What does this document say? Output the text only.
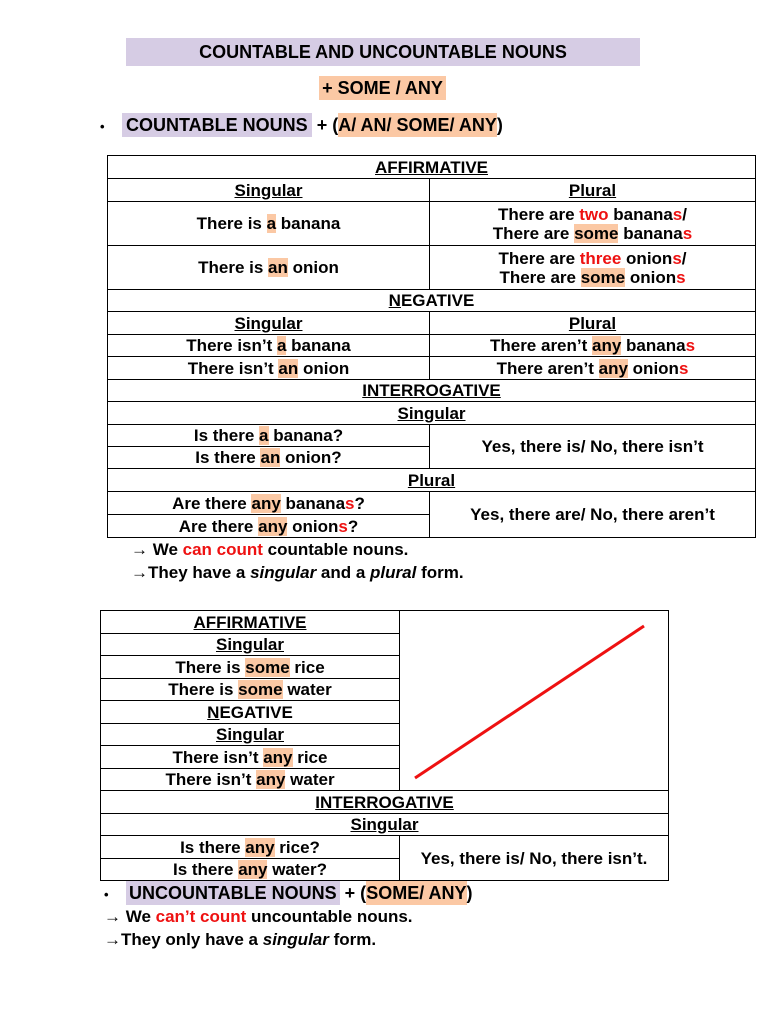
COUNTABLE AND UNCOUNTABLE NOUNS
+ SOME / ANY
• COUNTABLE NOUNS + (A/ AN/ SOME/ ANY)
AFFIRMATIVE	
Singular	Plural
There is a banana	There are two bananas/
There are some bananas

There is an onion	There are three onions/
There are some onions

NEGATIVE	
Singular	Plural
There isn’t a banana	There aren’t any bananas
There isn’t an onion	There aren’t any onions
INTERROGATIVE	
Singular	
Is there a banana?	Yes, there is/ No, there isn’t
Is there an onion?	
Plural	
Are there any bananas?	Yes, there are/ No, there aren’t
Are there any onions?	
→ We can count countable nouns.
→They have a singular and a plural form.
AFFIRMATIVE	

Singular	
There is some rice	
There is some water	
NEGATIVE	
Singular	
There isn’t any rice	
There isn’t any water	
INTERROGATIVE	
Singular	
Is there any rice?	Yes, there is/ No, there isn’t.
Is there any water?	
• UNCOUNTABLE NOUNS + (SOME/ ANY)
→ We can’t count uncountable nouns.
→They only have a singular form.
